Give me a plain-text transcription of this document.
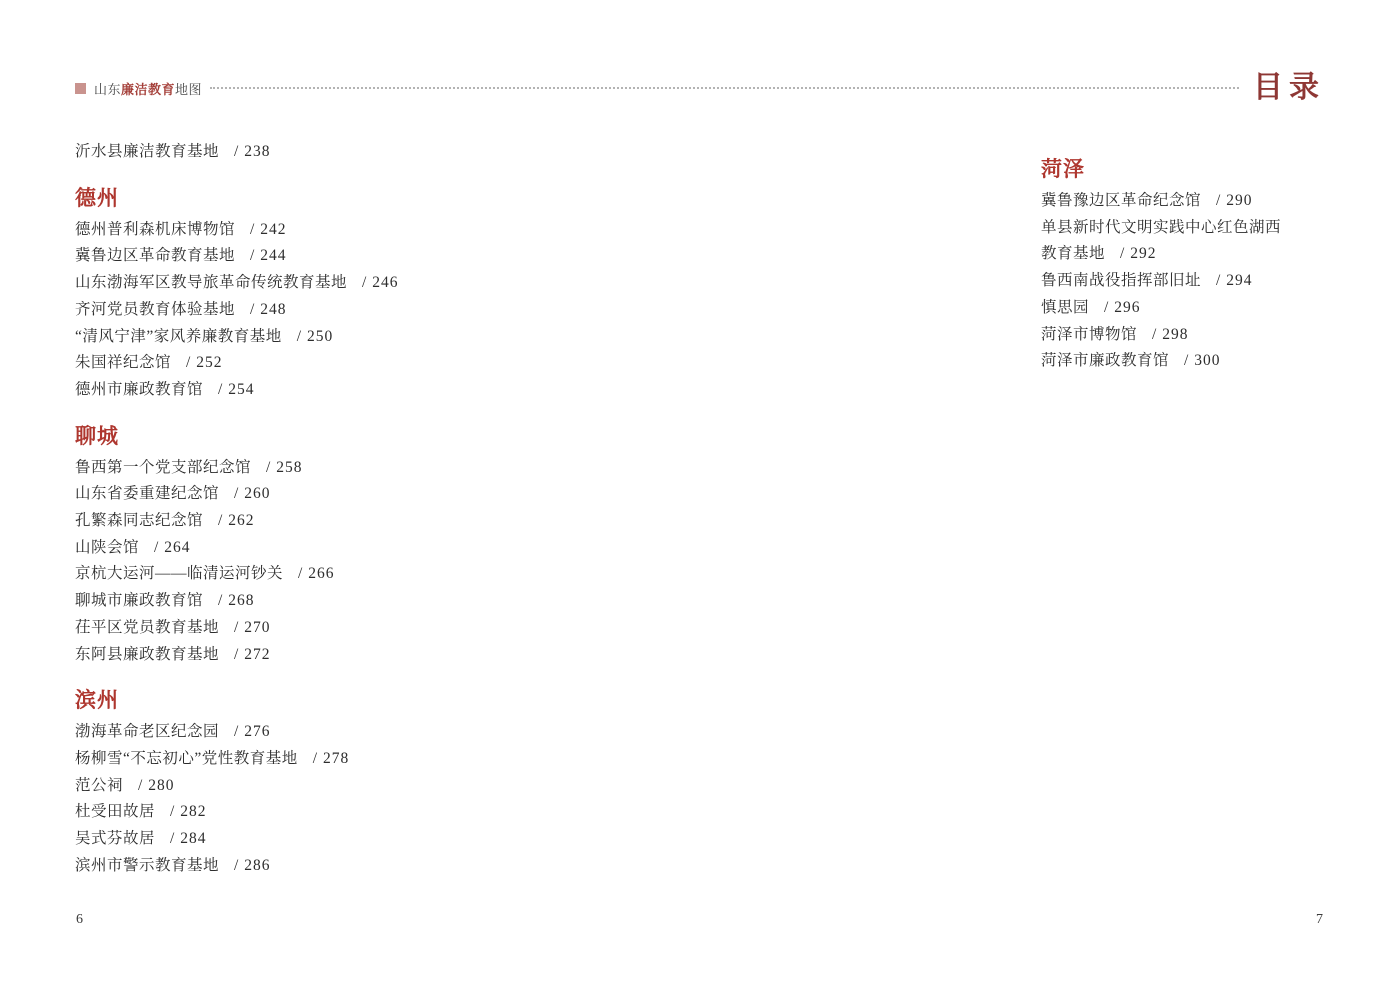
山东廉洁教育地图	目录
沂水县廉洁教育基地 / 238
德州
德州普利森机床博物馆 / 242
冀鲁边区革命教育基地 / 244
山东渤海军区教导旅革命传统教育基地 / 246
齐河党员教育体验基地 / 248
“清风宁津”家风养廉教育基地 / 250
朱国祥纪念馆 / 252
德州市廉政教育馆 / 254
聊城
鲁西第一个党支部纪念馆 / 258
山东省委重建纪念馆 / 260
孔繁森同志纪念馆 / 262
山陕会馆 / 264
京杭大运河——临清运河钞关 / 266
聊城市廉政教育馆 / 268
茌平区党员教育基地 / 270
东阿县廉政教育基地 / 272
滨州
渤海革命老区纪念园 / 276
杨柳雪“不忘初心”党性教育基地 / 278
范公祠 / 280
杜受田故居 / 282
吴式芬故居 / 284
滨州市警示教育基地 / 286
菏泽
冀鲁豫边区革命纪念馆 / 290
单县新时代文明实践中心红色湖西
教育基地 / 292
鲁西南战役指挥部旧址 / 294
慎思园 / 296
菏泽市博物馆 / 298
菏泽市廉政教育馆 / 300
6	7
